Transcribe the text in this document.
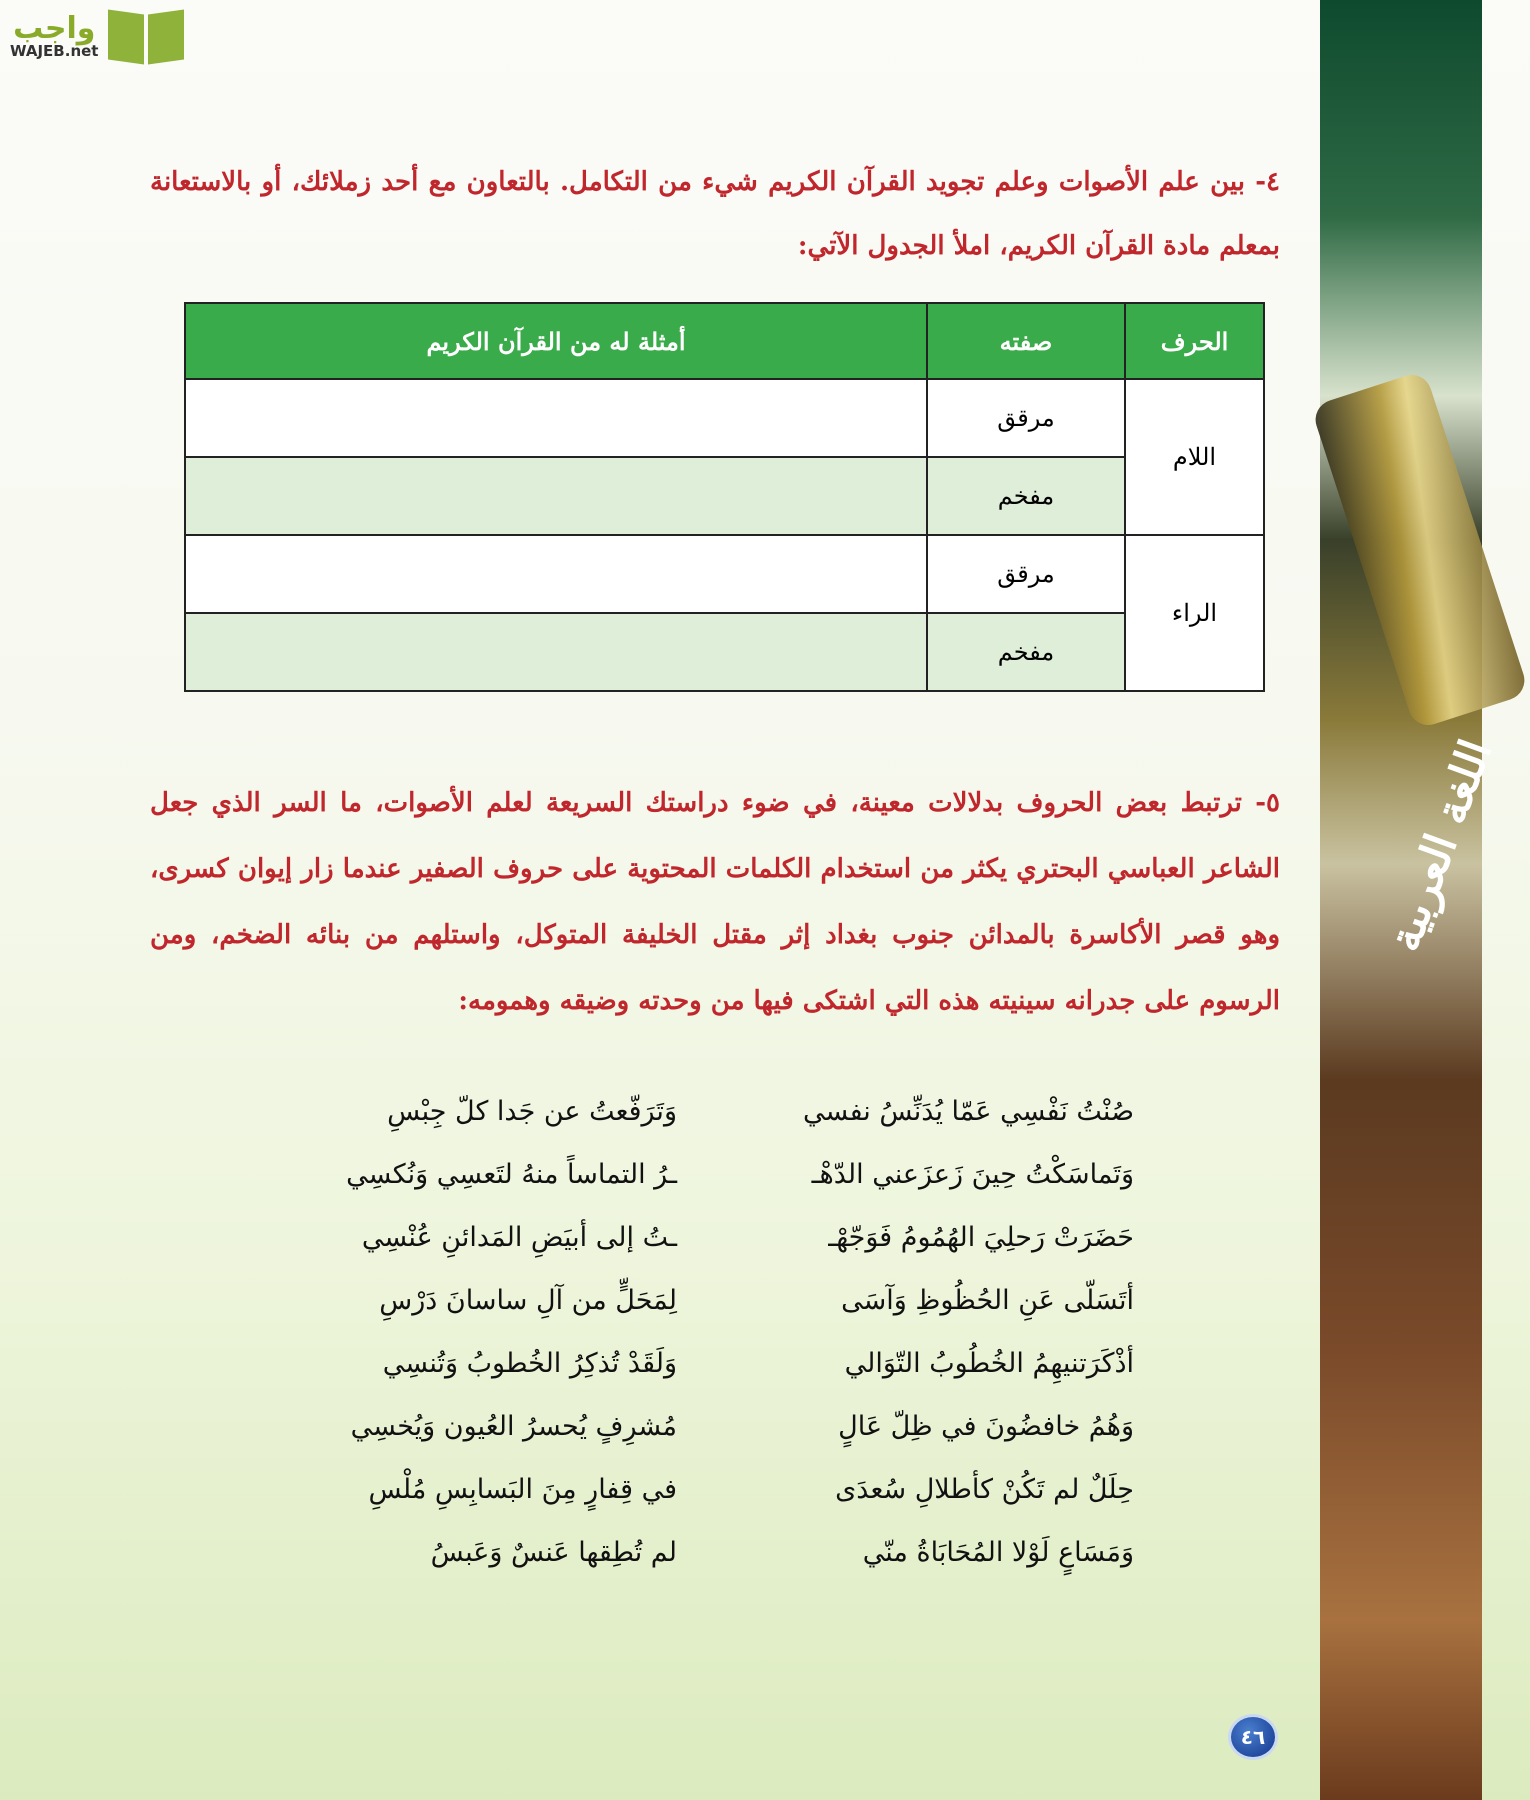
اللغة العربية
واجب
WAJEB.net
٤- بين علم الأصوات وعلم تجويد القرآن الكريم شيء من التكامل. بالتعاون مع أحد زملائك، أو بالاستعانة بمعلم مادة القرآن الكريم، املأ الجدول الآتي:
الحرف	صفته	أمثلة له من القرآن الكريم
اللام	مرقق	
	مفخم	
الراء	مرقق	
	مفخم	
٥- ترتبط بعض الحروف بدلالات معينة، في ضوء دراستك السريعة لعلم الأصوات، ما السر الذي جعل الشاعر العباسي البحتري يكثر من استخدام الكلمات المحتوية على حروف الصفير عندما زار إيوان كسرى، وهو قصر الأكاسرة بالمدائن جنوب بغداد إثر مقتل الخليفة المتوكل، واستلهم من بنائه الضخم، ومن الرسوم على جدرانه سينيته هذه التي اشتكى فيها من وحدته وضيقه وهمومه:
صُنْتُ نَفْسِي عَمّا يُدَنِّسُ نفسي
وَتَماسَكْتُ حِينَ زَعزَعني الدّهْـ
حَضَرَتْ رَحلِيَ الهُمُومُ فَوَجّهْـ
أتَسَلّى عَنِ الحُظُوظِ وَآسَى
أذْكَرَتنيهِمُ الخُطُوبُ التّوَالي
وَهُمُ خافضُونَ في ظِلّ عَالٍ
حِلَلٌ لم تَكُنْ كأطلالِ سُعدَى
وَمَسَاعٍ لَوْلا المُحَابَاةُ منّي
وَتَرَفّعتُ عن جَدا كلّ جِبْسِ
ـرُ التماساً منهُ لتَعسِي وَنُكسِي
ـتُ إلى أبيَضِ المَدائنِ عُنْسِي
لِمَحَلٍّ من آلِ ساسانَ دَرْسِ
وَلَقَدْ تُذكِرُ الخُطوبُ وَتُنسِي
مُشرِفٍ يُحسرُ العُيون وَيُخسِي
في قِفارٍ مِنَ البَسابِسِ مُلْسِ
لم تُطِقها عَنسٌ وَعَبسُ
٤٦
